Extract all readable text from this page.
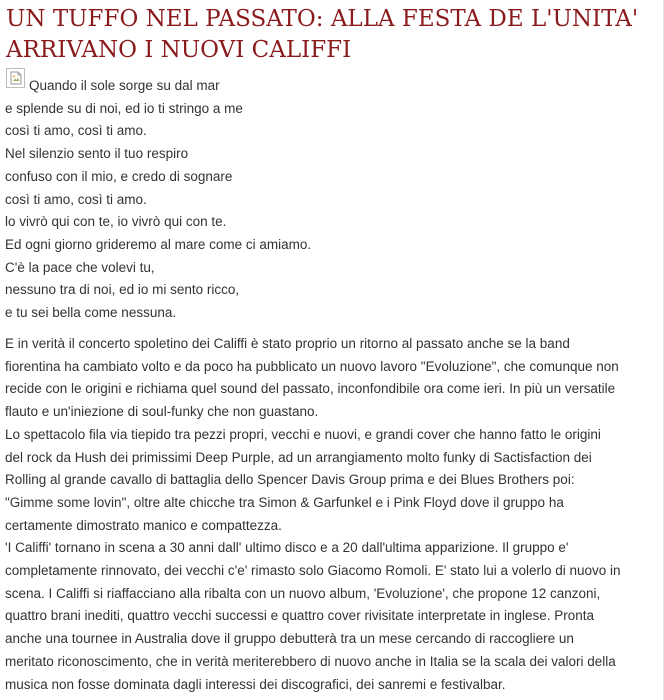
UN TUFFO NEL PASSATO: ALLA FESTA DE L'UNITA'
ARRIVANO I NUOVI CALIFFI
Quando il sole sorge su dal mar
e splende su di noi, ed io ti stringo a me
così ti amo, così ti amo.
Nel silenzio sento il tuo respiro
confuso con il mio, e credo di sognare
così ti amo, così ti amo.
lo vivrò qui con te, io vivrò qui con te.
Ed ogni giorno grideremo al mare come ci amiamo.
C'è la pace che volevi tu,
nessuno tra di noi, ed io mi sento ricco,
e tu sei bella come nessuna.
E in verità il concerto spoletino dei Califfi è stato proprio un ritorno al passato anche se la band
fiorentina ha cambiato volto e da poco ha pubblicato un nuovo lavoro "Evoluzione", che comunque non
recide con le origini e richiama quel sound del passato, inconfondibile ora come ieri. In più un versatile
flauto e un'iniezione di soul-funky che non guastano.
Lo spettacolo fila via tiepido tra pezzi propri, vecchi e nuovi, e grandi cover che hanno fatto le origini
del rock da Hush dei primissimi Deep Purple, ad un arrangiamento molto funky di Sactisfaction dei
Rolling al grande cavallo di battaglia dello Spencer Davis Group prima e dei Blues Brothers poi:
"Gimme some lovin", oltre alte chicche tra Simon & Garfunkel e i Pink Floyd dove il gruppo ha
certamente dimostrato manico e compattezza.
'I Califfi' tornano in scena a 30 anni dall' ultimo disco e a 20 dall'ultima apparizione. Il gruppo e'
completamente rinnovato, dei vecchi c'e' rimasto solo Giacomo Romoli. E' stato lui a volerlo di nuovo in
scena. I Califfi si riaffacciano alla ribalta con un nuovo album, 'Evoluzione', che propone 12 canzoni,
quattro brani inediti, quattro vecchi successi e quattro cover rivisitate interpretate in inglese. Pronta
anche una tournee in Australia dove il gruppo debutterà tra un mese cercando di raccogliere un
meritato riconoscimento, che in verità meriterebbero di nuovo anche in Italia se la scala dei valori della
musica non fosse dominata dagli interessi dei discografici, dei sanremi e festivalbar.
